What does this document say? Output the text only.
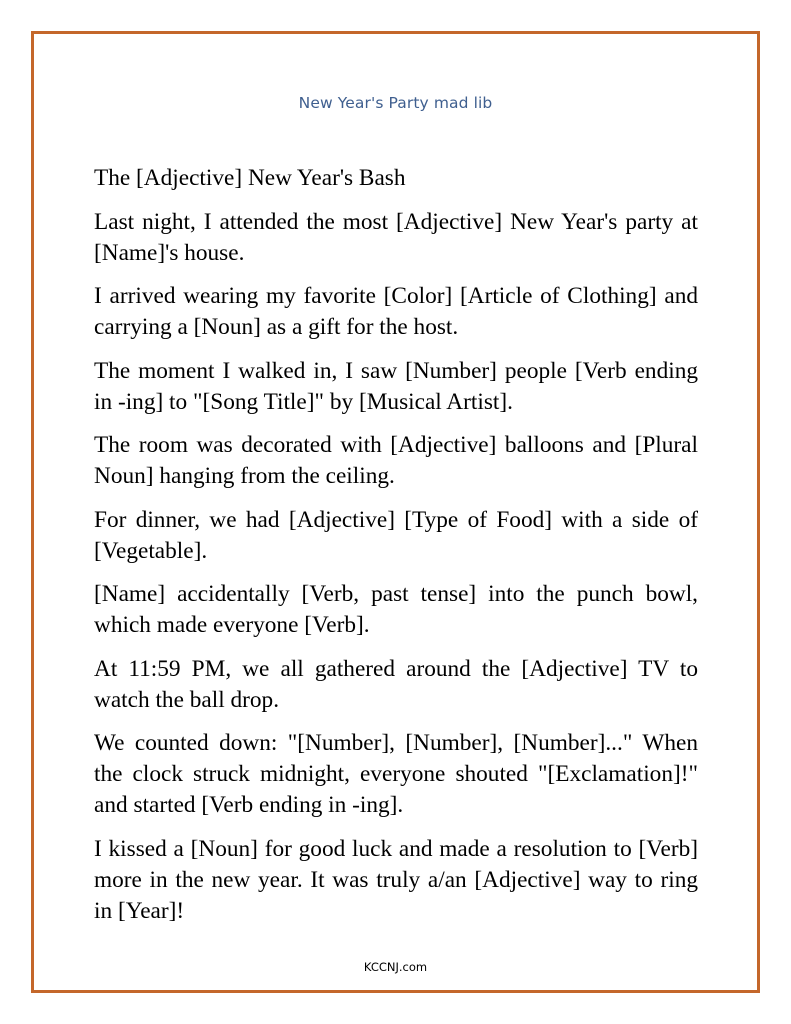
New Year's Party mad lib

The [Adjective] New Year's Bash

Last night, I attended the most [Adjective] New Year's party at [Name]'s house.

I arrived wearing my favorite [Color] [Article of Clothing] and carrying a [Noun] as a gift for the host.

The moment I walked in, I saw [Number] people [Verb ending in -ing] to "[Song Title]" by [Musical Artist].

The room was decorated with [Adjective] balloons and [Plural Noun] hanging from the ceiling.

For dinner, we had [Adjective] [Type of Food] with a side of [Vegetable].

[Name] accidentally [Verb, past tense] into the punch bowl, which made everyone [Verb].

At 11:59 PM, we all gathered around the [Adjective] TV to watch the ball drop.

We counted down: "[Number], [Number], [Number]..." When the clock struck midnight, everyone shouted "[Exclamation]!" and started [Verb ending in -ing].

I kissed a [Noun] for good luck and made a resolution to [Verb] more in the new year. It was truly a/an [Adjective] way to ring in [Year]!

KCCNJ.com
